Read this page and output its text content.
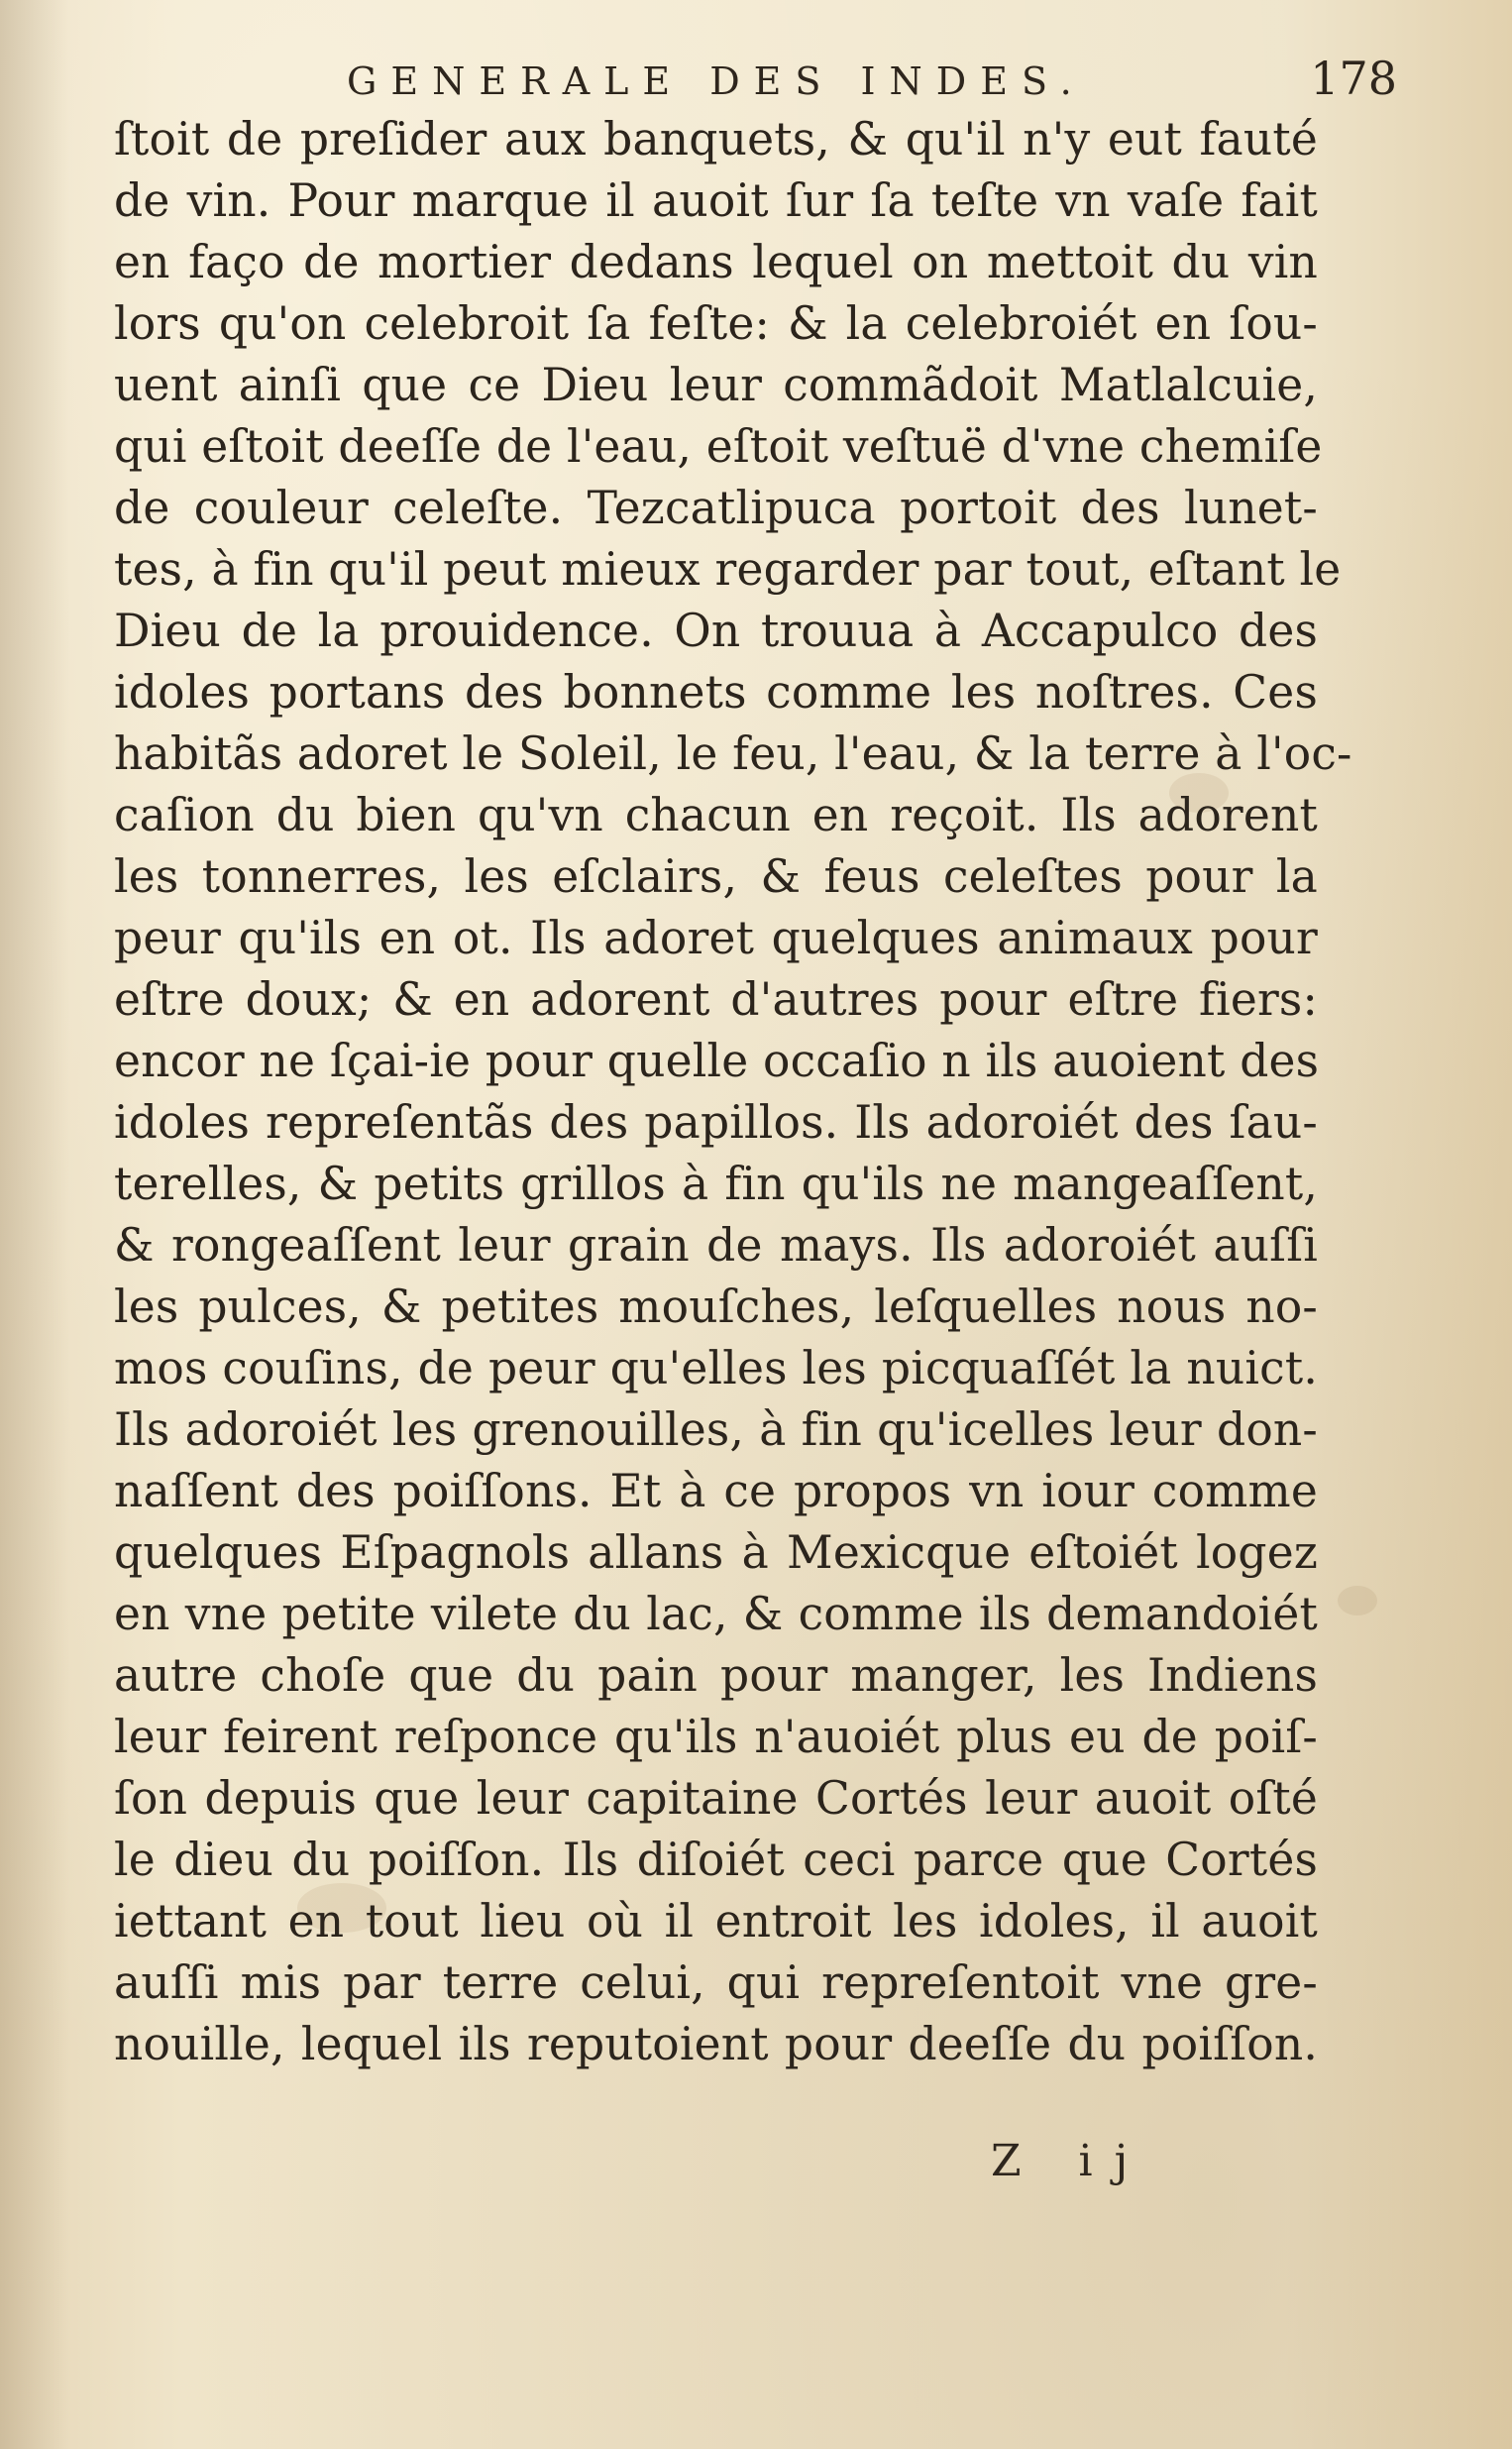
GENERALE DES INDES.	178
ſtoit de preſider aux banquets, & qu'il n'y eut fauté
de vin. Pour marque il auoit ſur ſa teſte vn vaſe fait
en faço de mortier dedans lequel on mettoit du vin
lors qu'on celebroit ſa feſte: & la celebroiét en ſou-
uent ainſi que ce Dieu leur commãdoit Matlalcuie,
qui eſtoit deeſſe de l'eau, eſtoit veſtuë d'vne chemiſe
de couleur celeſte. Tezcatlipuca portoit des lunet-
tes, à fin qu'il peut mieux regarder par tout, eſtant le
Dieu de la prouidence. On trouua à Accapulco des
idoles portans des bonnets comme les noſtres. Ces
habitãs adoret le Soleil, le feu, l'eau, & la terre à l'oc-
caſion du bien qu'vn chacun en reçoit. Ils adorent
les tonnerres, les eſclairs, & feus celeſtes pour la
peur qu'ils en ot. Ils adoret quelques animaux pour
eſtre doux; & en adorent d'autres pour eſtre fiers:
encor ne ſçai-ie pour quelle occaſio n ils auoient des
idoles repreſentãs des papillos. Ils adoroiét des ſau-
terelles, & petits grillos à fin qu'ils ne mangeaſſent,
& rongeaſſent leur grain de mays. Ils adoroiét auſſi
les pulces, & petites mouſches, leſquelles nous no-
mos couſins, de peur qu'elles les picquaſſét la nuict.
Ils adoroiét les grenouilles, à fin qu'icelles leur don-
naſſent des poiſſons. Et à ce propos vn iour comme
quelques Eſpagnols allans à Mexicque eſtoiét logez
en vne petite vilete du lac, & comme ils demandoiét
autre choſe que du pain pour manger, les Indiens
leur feirent reſponce qu'ils n'auoiét plus eu de poiſ-
ſon depuis que leur capitaine Cortés leur auoit oſté
le dieu du poiſſon. Ils diſoiét ceci parce que Cortés
iettant en tout lieu où il entroit les idoles, il auoit
auſſi mis par terre celui, qui repreſentoit vne gre-
nouille, lequel ils reputoient pour deeſſe du poiſſon.
Z ij
